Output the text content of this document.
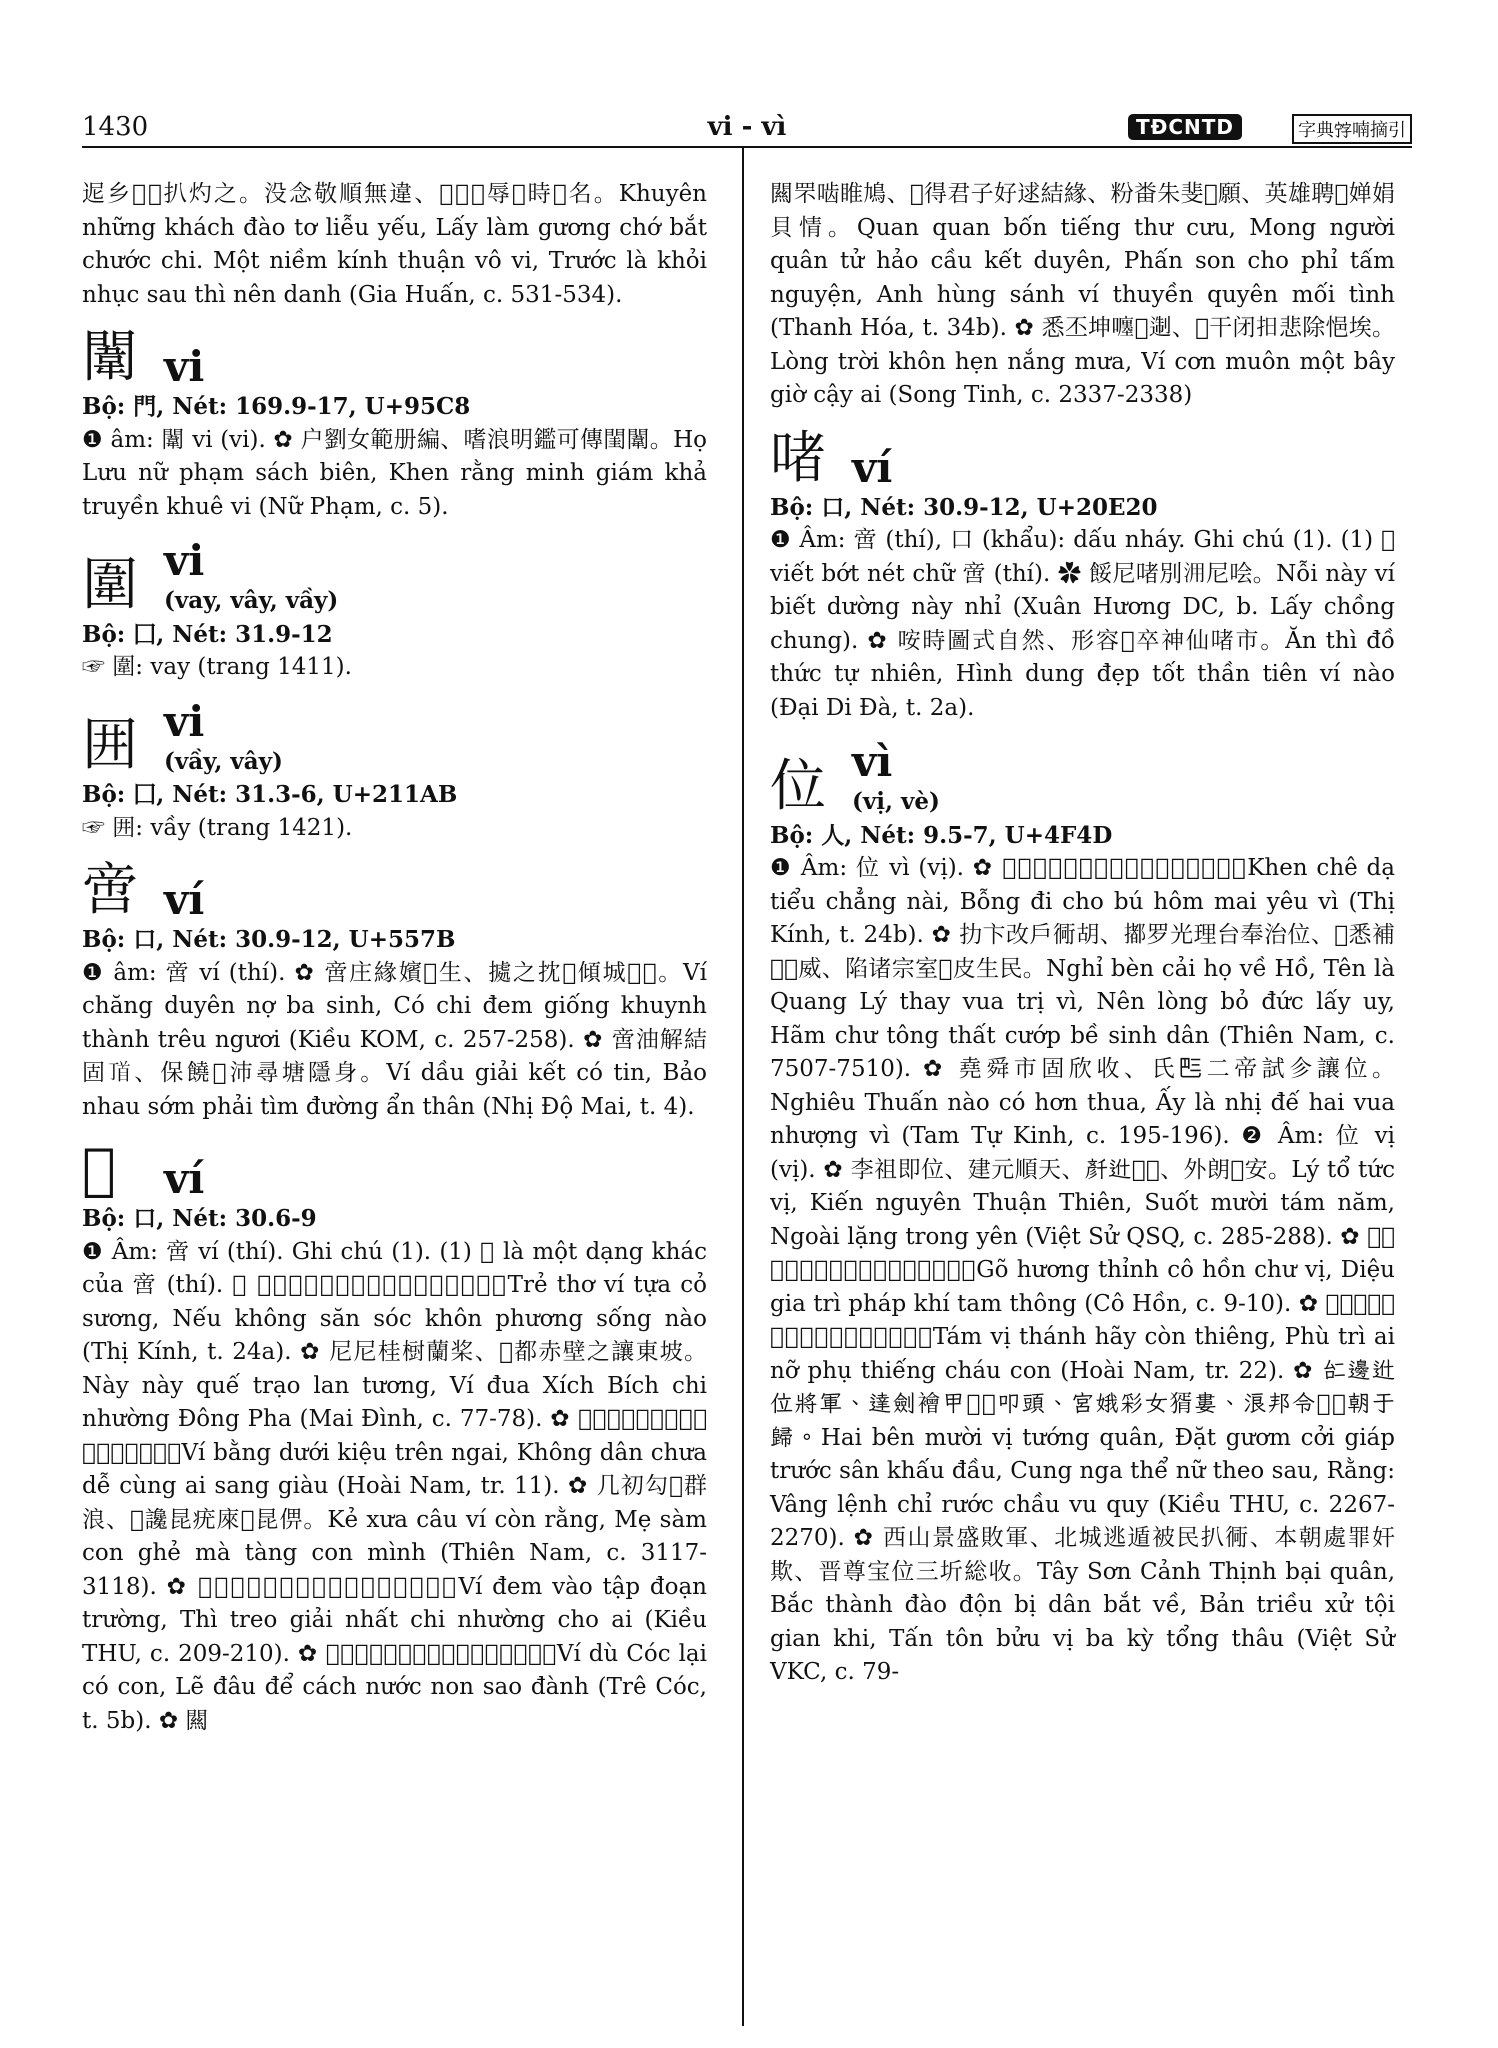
1430	vi - vì	TĐCNTD	字典𡨸喃摘引

迡乡𠤆𦈣扒灼之。没念敬順無違、𧳱𠺙𡌿辱𣦍時𣋚名。Khuyên những khách đào tơ liễu yếu, Lấy làm gương chớ bắt chước chi. Một niềm kính thuận vô vi, Trước là khỏi nhục sau thì nên danh (Gia Huấn, c. 531-534).

闈 vi

Bộ: 門, Nét: 169.9-17, U+95C8

❶ âm: 闈 vi (vi). ✿ 户劉女範册編、嗜浪明鑑可傳閨闈。Họ Lưu nữ phạm sách biên, Khen rằng minh giám khả truyền khuê vi (Nữ Phạm, c. 5).

圍 vi
(vay, vây, vầy)

Bộ: 囗, Nét: 31.9-12

☞ 圍: vay (trang 1411).

囲 vi
(vầy, vây)

Bộ: 囗, Nét: 31.3-6, U+211AB

☞ 囲: vầy (trang 1421).

啻 ví

Bộ: 口, Nét: 30.9-12, U+557B

❶ âm: 啻 ví (thí). ✿ 啻庄緣嬪𢀭生、㨿之抌𩞄傾城𠿃𥇓。Ví chăng duyên nợ ba sinh, Có chi đem giống khuynh thành trêu ngươi (Kiều KOM, c. 257-258). ✿ 啻油解結固𩠑、保饒𤈜沛尋塘隱身。Ví dầu giải kết có tin, Bảo nhau sớm phải tìm đường ẩn thân (Nhị Độ Mai, t. 4).

𠾕	ví

Bộ: 口, Nét: 30.6-9

❶ Âm: 啻 ví (thí). Ghi chú (1). (1) 𠾕 là một dạng khác của 啻 (thí). ✿ 𡮣𨅉𠾕似䩸霜、𡗶空𤞺朔坤方𣅶巿。Trẻ thơ ví tựa cỏ sương, Nếu không săn sóc khôn phương sống nào (Thị Kính, t. 24a). ✿ 尼尼桂𣗳蘭桨、𠾕都赤壁之讓東坡。Này này quế trạo lan tương, Ví đua Xích Bích chi nhường Đông Pha (Mai Đình, c. 77-78). ✿ 𠾕朋𨋣轎𨖅鎧、空民渚易窮埃𣋚𣋚。Ví bằng dưới kiệu trên ngai, Không dân chưa dễ cùng ai sang giàu (Hoài Nam, tr. 11). ✿ 几初勾𠾕群浪、𡟨讒昆疣庲𠴗昆㑭。Kẻ xưa câu ví còn rằng, Mẹ sàm con ghẻ mà tàng con mình (Thiên Nam, c. 3117-3118). ✿ 𠾕宊𠈗集斷腸、時撩𢄂壹之讓朱埃。Ví đem vào tập đoạn trường, Thì treo giải nhất chi nhường cho ai (Kiều THU, c. 209-210). ✿ 𠾕油蛤吏固𡥵、𥗐𡉦底格渃嫩牢停。Ví dù Cóc lại có con, Lẽ đâu để cách nước non sao đành (Trê Cóc, t. 5b). ✿ 闗

闗罘啮睢鳩、𢜠得君子好逑結緣、粉畨朱斐𦛌願、英雄聘𠾕婵娟貝情。Quan quan bốn tiếng thư cưu, Mong người quân tử hảo cầu kết duyên, Phấn son cho phỉ tấm nguyện, Anh hùng sánh ví thuyền quyên mối tình (Thanh Hóa, t. 34b). ✿ 悉丕坤𡃚𠱋𨔈、𠾕干闭𢪏悲除悒埃。Lòng trời khôn hẹn nắng mưa, Ví cơn muôn một bây giờ cậy ai (Song Tinh, c. 2337-2338)

啫 ví

Bộ: 口, Nét: 30.9-12, U+20E20

❶ Âm: 啻 (thí), 口 (khẩu): dấu nháy. Ghi chú (1). (1) 𠾕 viết bớt nét chữ 啻 (thí). ✿ 餒尼啫別𣳔尼哙。Nỗi này ví biết dường này nhỉ (Xuân Hương DC, b. Lấy chồng chung). ✿ 咹時圖式自然、形容𦋦卒神仙啫市。Ăn thì đồ thức tự nhiên, Hình dung đẹp tốt thần tiên ví nào (Đại Di Đà, t. 2a).

位 vì
(vị, vè)

Bộ: 人, Nét: 9.5-7, U+4F4D

❶ Âm: 位 vì (vị). ✿ 𠯇吱𦛌小庄奈、蓬𠦳朱哺歆埋夭位。Khen chê dạ tiểu chẳng nài, Bỗng đi cho bú hôm mai yêu vì (Thị Kính, t. 24b). ✿ 扐卞改戶衕胡、𢵋罗光理台奉治位、𣋚悉補𠊚𠬠威、陷诸宗室𠫾皮生民。Nghỉ bèn cải họ về Hồ, Tên là Quang Lý thay vua trị vì, Nên lòng bỏ đức lấy uy, Hãm chư tông thất cướp bề sinh dân (Thiên Nam, c. 7507-7510). ✿ 堯舜市固欣收、氏𠀧二帝試㐱讓位。Nghiêu Thuấn nào có hơn thua, Ấy là nhị đế hai vua nhượng vì (Tam Tự Kinh, c. 195-196). ❷ Âm: 位 vị (vị). ✿ 李祖即位、建元順天、𠦳𨑮𢆥𢆥、外朗𤂬安。Lý tổ tức vị, Kiến nguyên Thuận Thiên, Suốt mười tám năm, Ngoài lặng trong yên (Việt Sử QSQ, c. 285-288). ✿ 𢭮香請孤魂諸位、妙加持法器三通。Gõ hương thỉnh cô hồn chư vị, Diệu gia trì pháp khí tam thông (Cô Hồn, c. 9-10). ✿ 𢬣位聖𠱊𦦰𡡇、扶持埃妄負成招昆。Tám vị thánh hãy còn thiêng, Phù trì ai nỡ phụ thiếng cháu con (Hoài Nam, tr. 22). ✿ 𠄩邊𨑮位將軍、達劍襘甲𨖅𡎦叩頭、宮娥彩女𤟠婁、浪邦令𠳨𨖅朝于歸。Hai bên mười vị tướng quân, Đặt gươm cởi giáp trước sân khấu đầu, Cung nga thể nữ theo sau, Rằng: Vâng lệnh chỉ rước chầu vu quy (Kiều THU, c. 2267-2270). ✿ 西山景盛敗軍、北城逃遁被民扒衕、本朝處罪奸欺、晋尊宝位三圻総收。Tây Sơn Cảnh Thịnh bại quân, Bắc thành đào độn bị dân bắt về, Bản triều xử tội gian khi, Tấn tôn bửu vị ba kỳ tổng thâu (Việt Sử VKC, c. 79-
